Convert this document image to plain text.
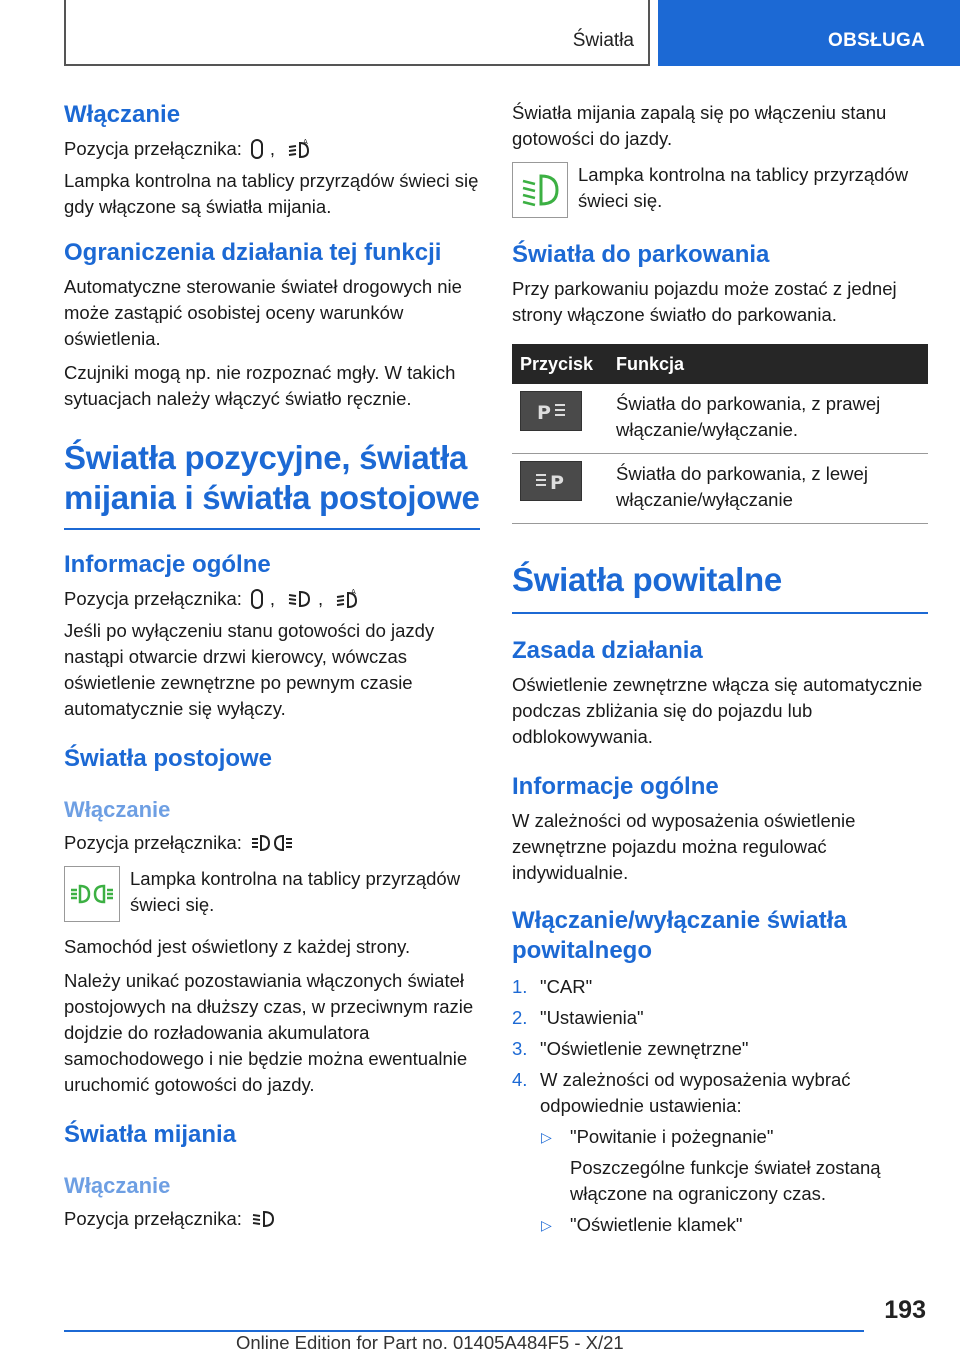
Światła	OBSŁUGA
Włączanie
Pozycja przełącznika: ,	A

Lampka kontrolna na tablicy przyrządów świeci się gdy włączone są światła mijania.

Ograniczenia działania tej funkcji

Automatyczne sterowanie świateł drogowych nie może zastąpić osobistej oceny warunków oświetlenia.

Czujniki mogą np. nie rozpoznać mgły. W takich sytuacjach należy włączyć światło ręcznie.

Światła pozycyjne, światła mijania i światła postojowe
Informacje ogólne
Pozycja przełącznika: , ,	A

Jeśli po wyłączeniu stanu gotowości do jazdy nastąpi otwarcie drzwi kierowcy, wówczas oświetlenie zewnętrzne po pewnym czasie automatycznie się wyłączy.

Światła postojowe
Włączanie
Pozycja przełącznika:
Lampka kontrolna na tablicy przyrządów świeci się.

Samochód jest oświetlony z każdej strony.

Należy unikać pozostawiania włączonych świateł postojowych na dłuższy czas, w przeciwnym razie dojdzie do rozładowania akumulatora samochodowego i nie będzie można ewentualnie uruchomić gotowości do jazdy.

Światła mijania
Włączanie
Pozycja przełącznika:

Światła mijania zapalą się po włączeniu stanu gotowości do jazdy.

Lampka kontrolna na tablicy przyrządów świeci się.
Światła do parkowania

Przy parkowaniu pojazdu może zostać z jednej strony włączone światło do parkowania.

Przycisk	Funkcja

P	Światła do parkowania, z prawej włączanie/wyłączanie.

P	Światła do parkowania, z lewej włączanie/wyłączanie
Światła powitalne
Zasada działania

Oświetlenie zewnętrzne włącza się automatycznie podczas zbliżania się do pojazdu lub odblokowywania.

Informacje ogólne

W zależności od wyposażenia oświetlenie zewnętrzne pojazdu można regulować indywidualnie.

Włączanie/wyłączanie światła powitalnego
1. "CAR"
2. "Ustawienia"
3. "Oświetlenie zewnętrzne"
4. W zależności od wyposażenia wybrać odpowiednie ustawienia:
▷ "Powitanie i pożegnanie"
Poszczególne funkcje świateł zostaną włączone na ograniczony czas.
▷ "Oświetlenie klamek"
193
Online Edition for Part no. 01405A484F5 - X/21
